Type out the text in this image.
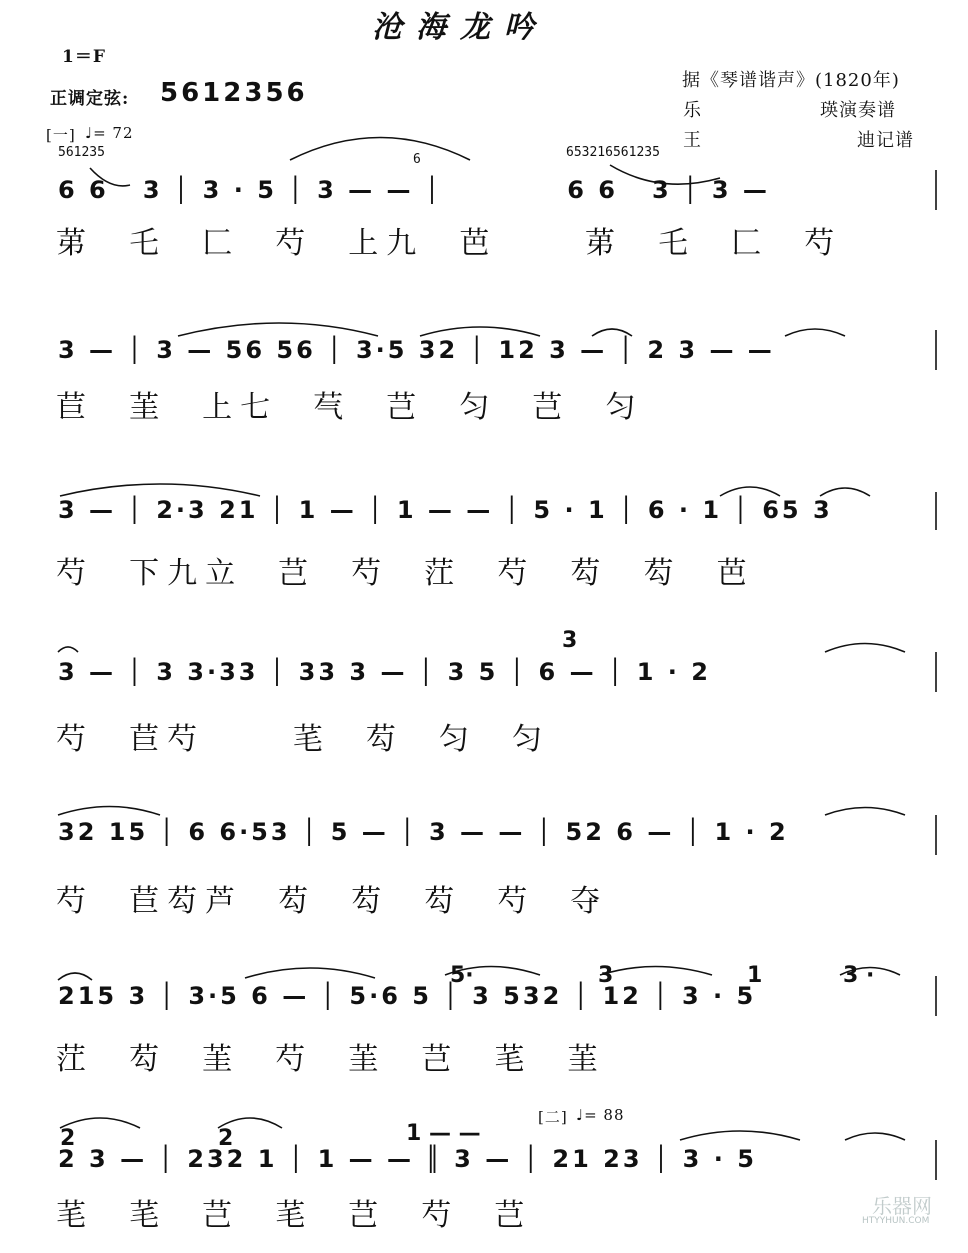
沧海龙吟
1＝F
正调定弦: 5612356	据《琴谱谐声》(1820年)
乐	瑛演奏谱
王	迪记谱
[一] ♩= 72
[二] ♩= 88
561235	653216561235
6
3
5·	3	1	3 ·
2	2	1 — —
6 6   3 │ 3 · 5 │ 3 — — │           6 6   3 │ 3 —
苐  乇  匚  芍  上九  芭     苐  乇  匚  芍
3 — │ 3 — 56 56 │ 3·5 32 │ 12 3 — │ 2 3 — —
苣  茥  上七  芞  芑  匀  芑  匀
3 — │ 2·3 21 │ 1 — │ 1 — — │ 5 · 1 │ 6 · 1 │ 65 3
芍  下九立  芑  芍  茳  芍  芶  芶  芭
3 — │ 3 3·33 │ 33 3 — │ 3 5 │ 6 — │ 1 · 2
芍  苣芍     芼  芶  匀  匀
32 15 │ 6 6·53 │ 5 — │ 3 — — │ 52 6 — │ 1 · 2
芍  苣芶芦  芶  芶  芶  芍  夺
215 3 │ 3·5 6 — │ 5·6 5 │ 3 532 │ 12 │ 3 · 5
茳  芶  茥  芍  茥  芑  芼  茥
2 3 — │ 232 1 │ 1 — — ║ 3 — │ 21 23 │ 3 · 5
芼  芼  芑  芼  芑  芍  芑	乐器网
HTYYHUN.COM
